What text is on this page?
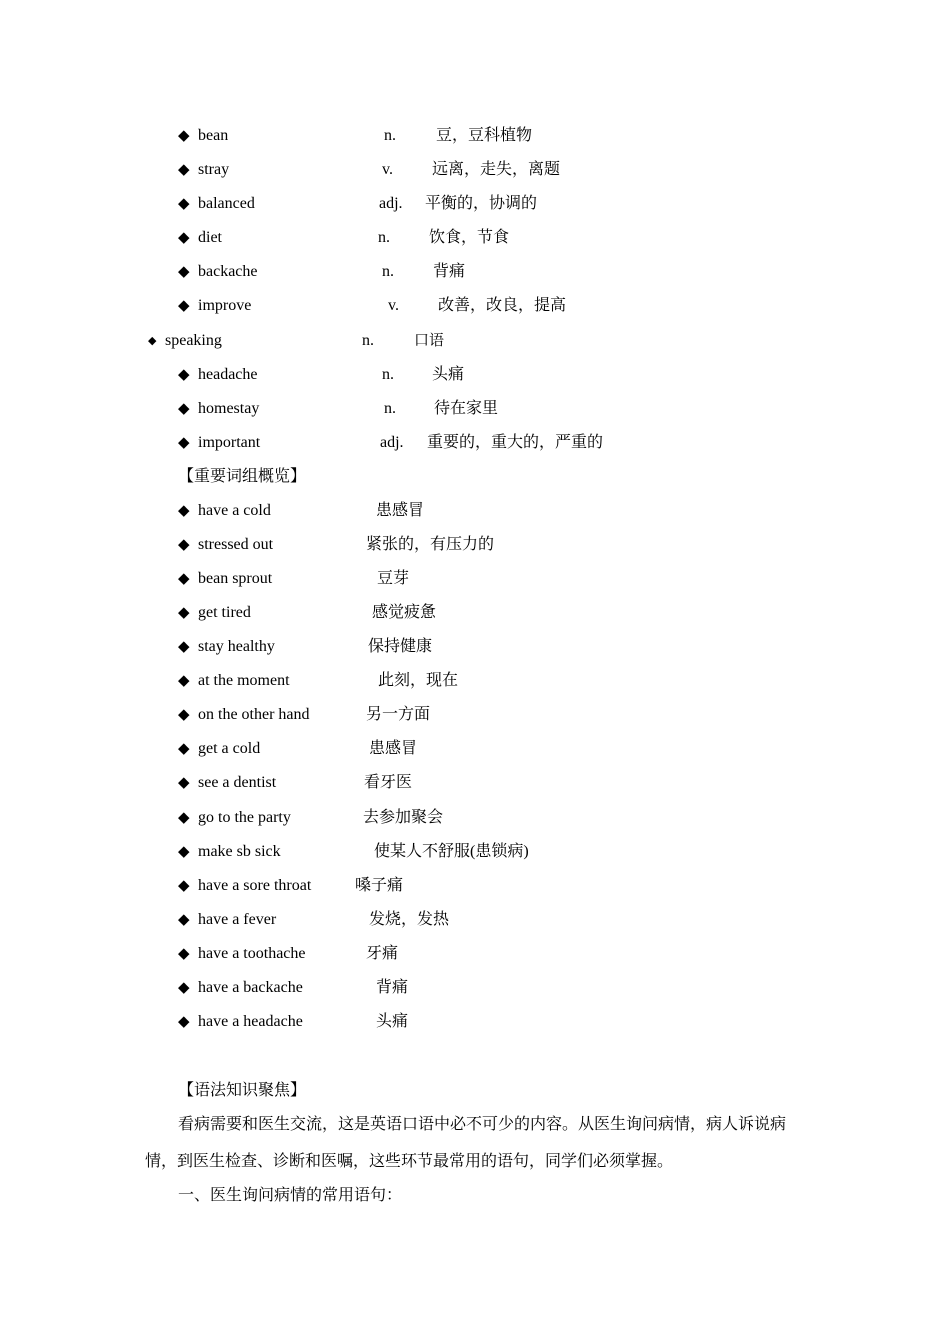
◆ bean	n.	豆，豆科植物
◆ stray	v. 远离，走失，离题
◆ balanced	adj. 平衡的，协调的
◆ diet	n. 饮食，节食
◆ backache	n. 背痛
◆ improve	v. 改善，改良，提高
◆ speaking	n.	口语
◆ headache	n. 头痛
◆ homestay	n. 待在家里
◆ important	adj. 重要的，重大的，严重的
【重要词组概览】
◆ have a cold	患感冒
◆ stressed out	紧张的，有压力的
◆ bean sprout	豆芽
◆ get tired	感觉疲惫
◆ stay healthy	保持健康
◆ at the moment	此刻，现在
◆ on the other hand	另一方面
◆ get a cold	患感冒
◆ see a dentist	看牙医
◆ go to the party	去参加聚会
◆ make sb sick	使某人不舒服(患锁病)
◆ have a sore throat	嗓子痛
◆ have a fever	发烧，发热
◆ have a toothache	牙痛
◆ have a backache	背痛
◆ have a headache	头痛
【语法知识聚焦】
看病需要和医生交流，这是英语口语中必不可少的内容。从医生询问病情，病人诉说病
情，到医生检查、诊断和医嘱，这些环节最常用的语句，同学们必须掌握。
一、医生询问病情的常用语句：
